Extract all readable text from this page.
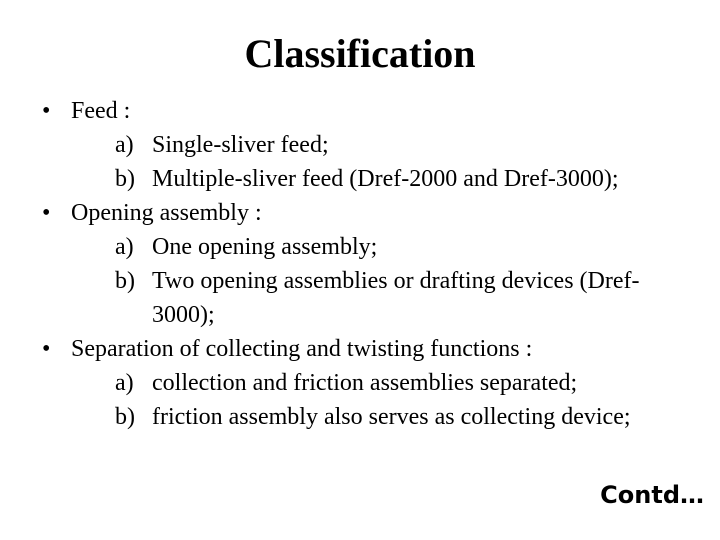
Classification
• Feed :
a) Single-sliver feed;
b) Multiple-sliver feed (Dref-2000 and Dref-3000);
• Opening assembly :
a) One opening assembly;
b) Two opening assemblies or drafting devices (Dref-3000);
• Separation of collecting and twisting functions :
a) collection and friction assemblies separated;
b) friction assembly also serves as collecting device;
Contd…
